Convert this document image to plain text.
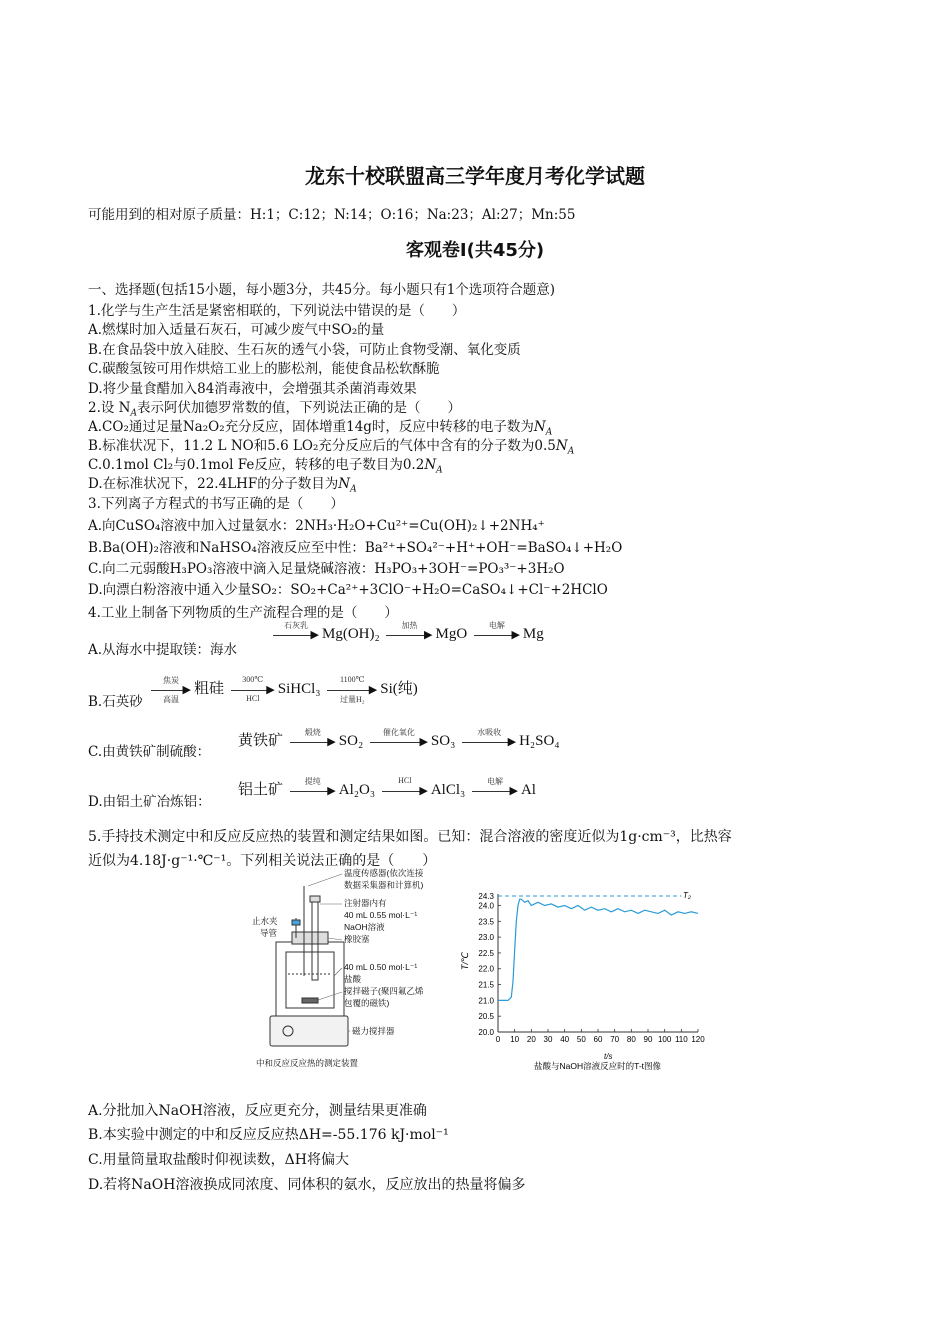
龙东十校联盟高三学年度月考化学试题
可能用到的相对原子质量：H:1；C:12；N:14；O:16；Na:23；Al:27；Mn:55
客观卷Ⅰ(共45分)
一、选择题(包括15小题，每小题3分，共45分。每小题只有1个选项符合题意)
1.化学与生产生活是紧密相联的，下列说法中错误的是（　　）
A.燃煤时加入适量石灰石，可减少废气中SO₂的量
B.在食品袋中放入硅胶、生石灰的透气小袋，可防止食物受潮、氧化变质
C.碳酸氢铵可用作烘焙工业上的膨松剂，能使食品松软酥脆
D.将少量食醋加入84消毒液中，会增强其杀菌消毒效果
2.设 $N_A$表示阿伏加德罗常数的值，下列说法正确的是（　　）
A.CO₂通过足量Na₂O₂充分反应，固体增重14g时，反应中转移的电子数为$N_A$
B.标准状况下，11.2 L NO和5.6 LO₂充分反应后的气体中含有的分子数为$0.5N_A$
C.0.1mol Cl₂与0.1mol Fe反应，转移的电子数目为$0.2N_A$
D.在标准状况下，22.4LHF的分子数目为$N_A$
3.下列离子方程式的书写正确的是（　　）
A.向CuSO₄溶液中加入过量氨水：2NH₃·H₂O+Cu²⁺=Cu(OH)₂↓+2NH₄⁺
B.Ba(OH)₂溶液和NaHSO₄溶液反应至中性：Ba²⁺+SO₄²⁻+H⁺+OH⁻=BaSO₄↓+H₂O
C.向二元弱酸H₃PO₃溶液中滴入足量烧碱溶液：H₃PO₃+3OH⁻=PO₃³⁻+3H₂O
D.向漂白粉溶液中通入少量SO₂：SO₂+Ca²⁺+3ClO⁻+H₂O=CaSO₄↓+Cl⁻+2HClO
4.工业上制备下列物质的生产流程合理的是（　　）
A.从海水中提取镁：海水
石灰乳
▶ Mg(OH)₂
加热
▶ MgO
电解
▶ Mg
B.石英砂
焦炭
▶
高温
粗硅
300℃
▶
HCl
SiHCl₃
1100℃
▶
过量H₂
Si(纯)
C.由黄铁矿制硫酸：
黄铁矿
煅烧
▶ SO₂
催化氧化
▶ SO₃
水吸收
▶ H₂SO₄
D.由铝土矿冶炼铝：
铝土矿
提纯
▶ Al₂O₃
HCl
▶ AlCl₃
电解
▶ Al
5.手持技术测定中和反应反应热的装置和测定结果如图。已知：混合溶液的密度近似为1g·cm⁻³，比热容
近似为4.18J·g⁻¹·℃⁻¹。下列相关说法正确的是（　　）
温度传感器(依次连接
数据采集器和计算机)
注射器内有
40 mL 0.55 mol·L⁻¹
NaOH溶液
橡胶塞
止水夹
导管
40 mL 0.50 mol·L⁻¹
盐酸
搅拌磁子(聚四氟乙烯
包覆的磁铁)
磁力搅拌器
中和反应反应热的测定装置
T/℃
t/s
盐酸与NaOH溶液反应时的T-t图像
0 10 20 30 40 50 60 70 80 90 100 110 120
20.0
20.5
21.0
21.5
22.0
22.5
23.0
23.5
24.0
24.3	T₂
A.分批加入NaOH溶液，反应更充分，测量结果更准确
B.本实验中测定的中和反应反应热ΔH=-55.176 kJ·mol⁻¹
C.用量筒量取盐酸时仰视读数，ΔH将偏大
D.若将NaOH溶液换成同浓度、同体积的氨水，反应放出的热量将偏多
